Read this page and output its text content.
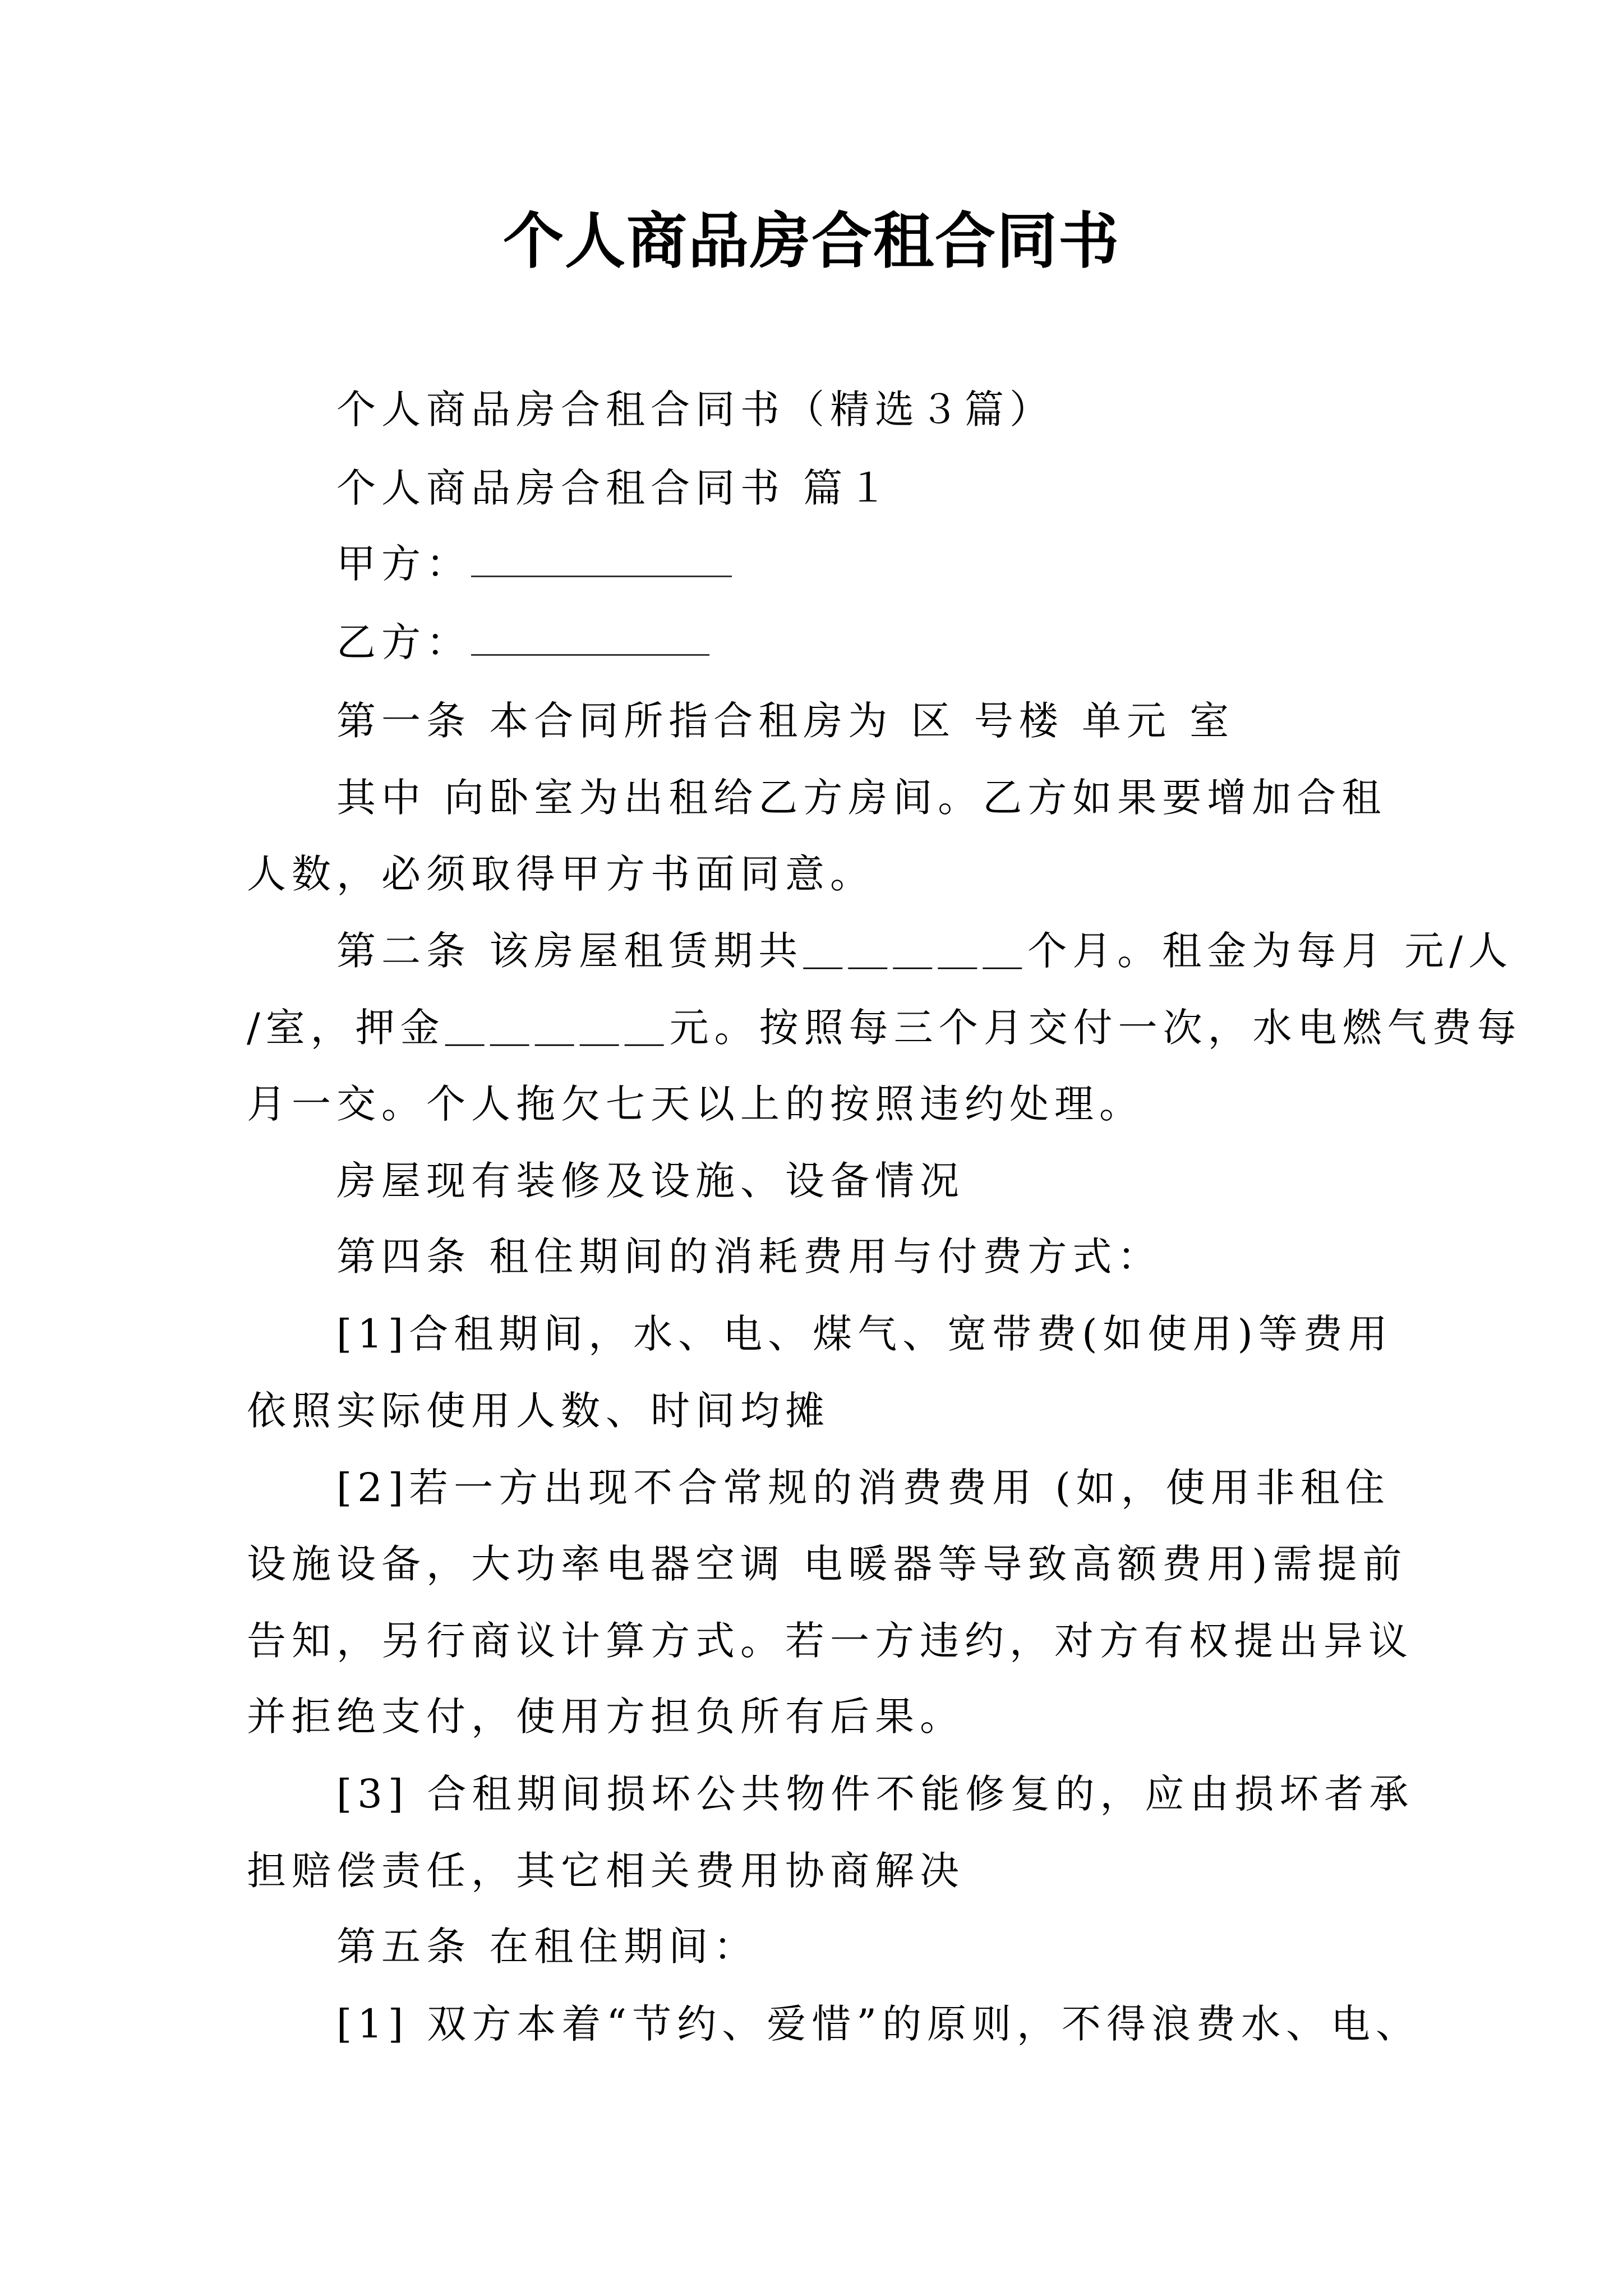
个人商品房合租合同书
个人商品房合租合同书（精选３篇）
个人商品房合租合同书 篇１
甲方：
乙方：
第一条 本合同所指合租房为 区 号楼 单元 室
其中 向卧室为出租给乙方房间。乙方如果要增加合租
人数，必须取得甲方书面同意。
第二条 该房屋租赁期共＿＿＿＿＿个月。租金为每月 元/人
/室，押金＿＿＿＿＿元。按照每三个月交付一次，水电燃气费每
月一交。个人拖欠七天以上的按照违约处理。
房屋现有装修及设施、设备情况
第四条 租住期间的消耗费用与付费方式：
[1]合租期间，水、电、煤气、宽带费(如使用)等费用
依照实际使用人数、时间均摊
[2]若一方出现不合常规的消费费用 (如，使用非租住
设施设备，大功率电器空调 电暖器等导致高额费用)需提前
告知，另行商议计算方式。若一方违约，对方有权提出异议
并拒绝支付，使用方担负所有后果。
[3] 合租期间损坏公共物件不能修复的，应由损坏者承
担赔偿责任，其它相关费用协商解决
第五条 在租住期间：
[1] 双方本着“节约、爱惜”的原则，不得浪费水、电、
